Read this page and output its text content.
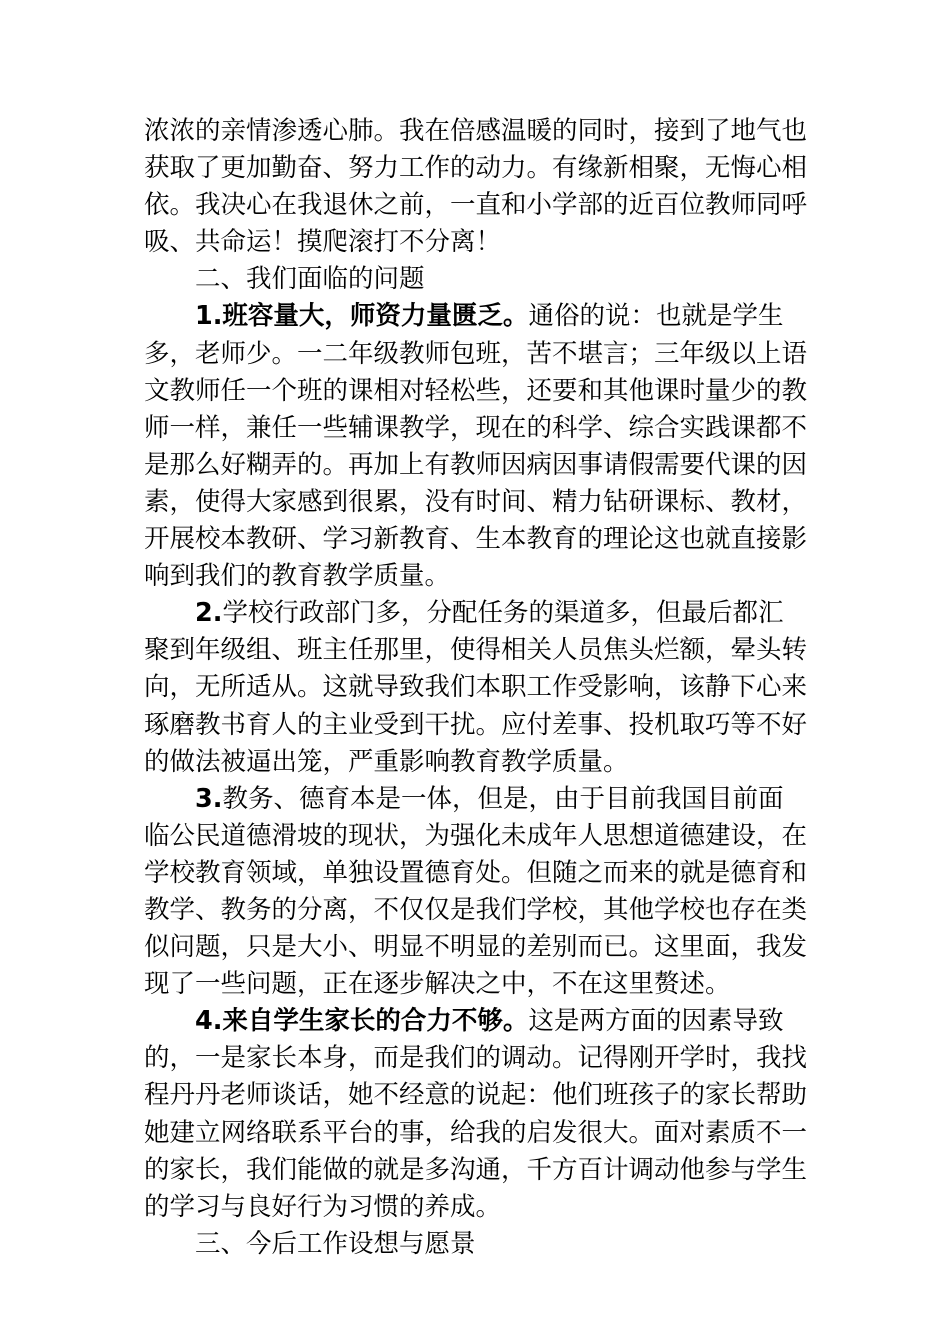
浓浓的亲情渗透心肺。我在倍感温暖的同时，接到了地气也获取了更加勤奋、努力工作的动力。有缘新相聚，无悔心相依。我决心在我退休之前，一直和小学部的近百位教师同呼吸、共命运！摸爬滚打不分离！

二、我们面临的问题

1.班容量大，师资力量匮乏。通俗的说：也就是学生多，老师少。一二年级教师包班，苦不堪言；三年级以上语文教师任一个班的课相对轻松些，还要和其他课时量少的教师一样，兼任一些辅课教学，现在的科学、综合实践课都不是那么好糊弄的。再加上有教师因病因事请假需要代课的因素，使得大家感到很累，没有时间、精力钻研课标、教材，开展校本教研、学习新教育、生本教育的理论这也就直接影响到我们的教育教学质量。

2.学校行政部门多，分配任务的渠道多，但最后都汇聚到年级组、班主任那里，使得相关人员焦头烂额，晕头转向，无所适从。这就导致我们本职工作受影响，该静下心来琢磨教书育人的主业受到干扰。应付差事、投机取巧等不好的做法被逼出笼，严重影响教育教学质量。

3.教务、德育本是一体，但是，由于目前我国目前面临公民道德滑坡的现状，为强化未成年人思想道德建设，在学校教育领域，单独设置德育处。但随之而来的就是德育和教学、教务的分离，不仅仅是我们学校，其他学校也存在类似问题，只是大小、明显不明显的差别而已。这里面，我发现了一些问题，正在逐步解决之中，不在这里赘述。

4.来自学生家长的合力不够。这是两方面的因素导致的，一是家长本身，而是我们的调动。记得刚开学时，我找程丹丹老师谈话，她不经意的说起：他们班孩子的家长帮助她建立网络联系平台的事，给我的启发很大。面对素质不一的家长，我们能做的就是多沟通，千方百计调动他参与学生的学习与良好行为习惯的养成。

三、今后工作设想与愿景
